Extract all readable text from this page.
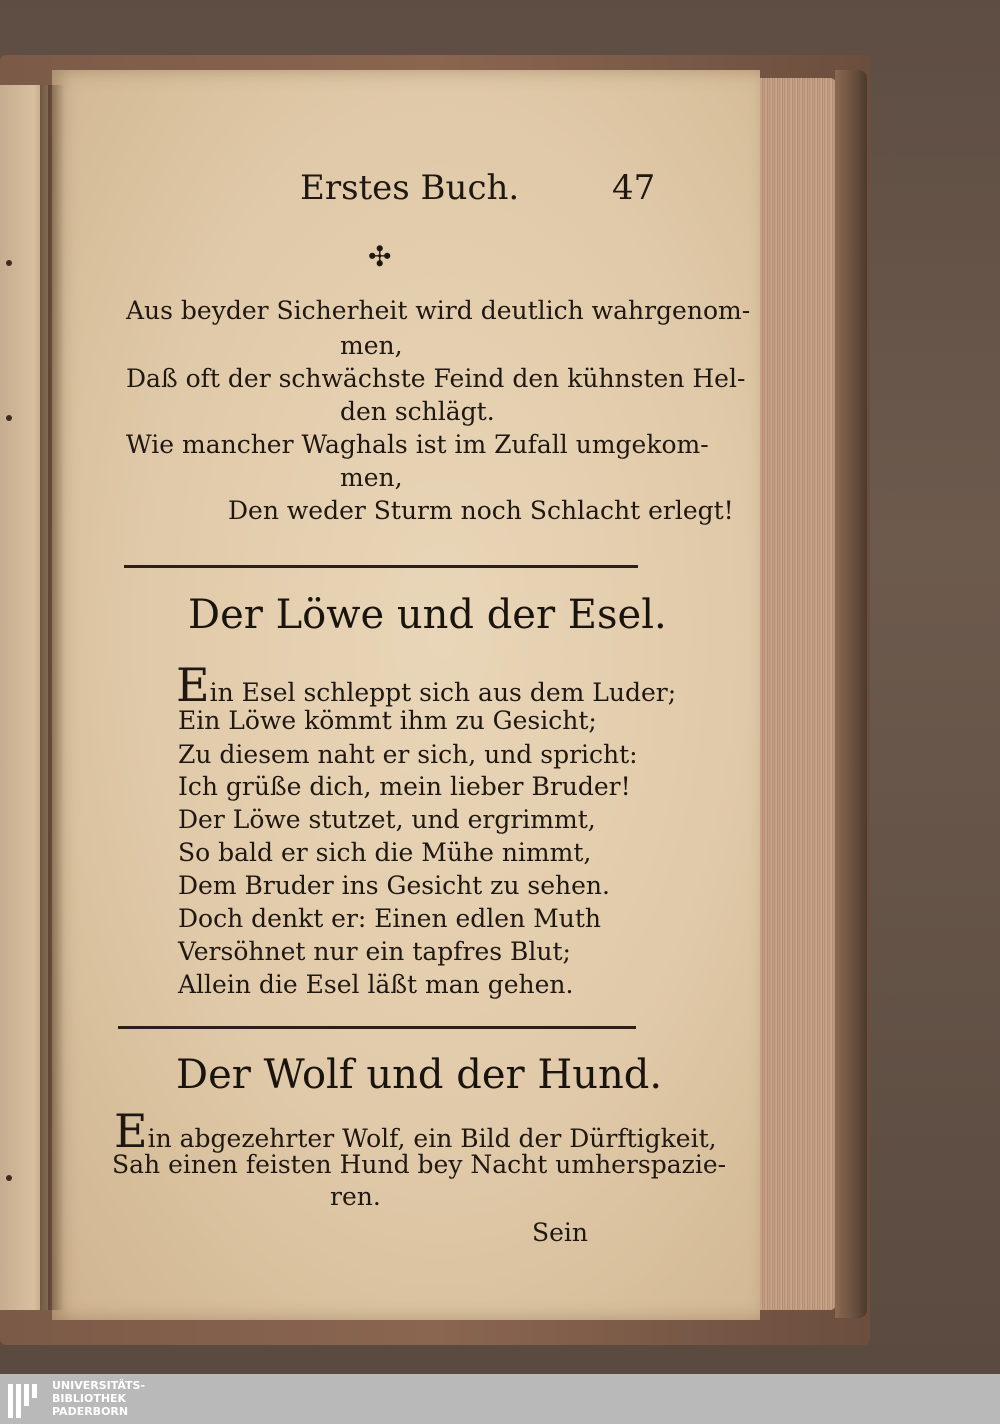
Erstes Buch.	47
✣
Aus beyder Sicherheit wird deutlich wahrgenom-
men,
Daß oft der schwächste Feind den kühnsten Hel-
den schlägt.
Wie mancher Waghals ist im Zufall umgekom-
men,
Den weder Sturm noch Schlacht erlegt!
Der Löwe und der Esel.
Ein Esel schleppt sich aus dem Luder;
Ein Löwe kömmt ihm zu Gesicht;
Zu diesem naht er sich, und spricht:
Ich grüße dich, mein lieber Bruder!
Der Löwe stutzet, und ergrimmt,
So bald er sich die Mühe nimmt,
Dem Bruder ins Gesicht zu sehen.
Doch denkt er: Einen edlen Muth
Versöhnet nur ein tapfres Blut;
Allein die Esel läßt man gehen.
Der Wolf und der Hund.
Ein abgezehrter Wolf, ein Bild der Dürftigkeit,
Sah einen feisten Hund bey Nacht umherspazie-
ren.
Sein
UNIVERSITÄTS-
BIBLIOTHEK
PADERBORN
